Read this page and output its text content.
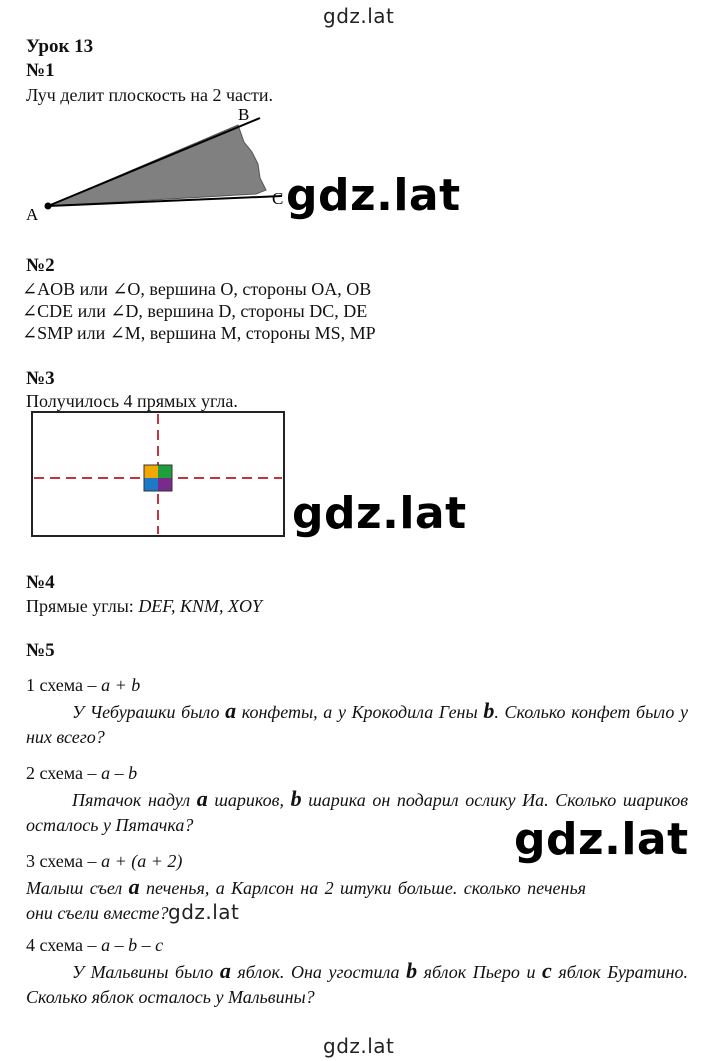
gdz.lat
gdz.lat
gdz.lat
gdz.lat
gdz.lat
gdz.lat
Урок 13
№1
Луч делит плоскость на 2 части.
A
B
C
№2
∠AOB или ∠O, вершина O, стороны OA, OB
∠CDE или ∠D, вершина D, стороны DC, DE
∠SMP или ∠M, вершина M, стороны MS, MP
№3
Получилось 4 прямых угла.
№4
Прямые углы: DEF, KNM, XOY
№5
1 схема – a + b
У Чебурашки было a конфеты, а у Крокодила Гены b. Сколько конфет было у них всего?
2 схема – a – b
Пятачок надул a шариков, b шарика он подарил ослику Иа. Сколько шариков осталось у Пятачка?
3 схема – a + (a + 2)
Малыш съел a печенья, а Карлсон на 2 штуки больше. сколько печенья они съели вместе?
4 схема – a – b – c
У Мальвины было a яблок. Она угостила b яблок Пьеро и c яблок Буратино. Сколько яблок осталось у Мальвины?
